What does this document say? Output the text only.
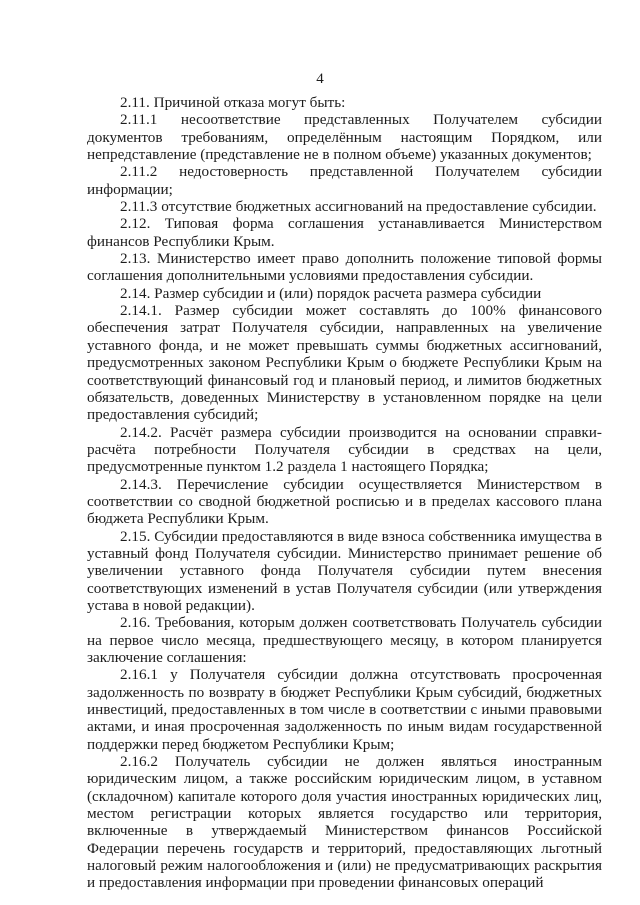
4

2.11. Причиной отказа могут быть:

2.11.1 несоответствие представленных Получателем субсидии документов требованиям, определённым настоящим Порядком, или непредставление (представление не в полном объеме) указанных документов;

2.11.2 недостоверность представленной Получателем субсидии информации;

2.11.3 отсутствие бюджетных ассигнований на предоставление субсидии.

2.12. Типовая форма соглашения устанавливается Министерством финансов Республики Крым.

2.13. Министерство имеет право дополнить положение типовой формы соглашения дополнительными условиями предоставления субсидии.

2.14. Размер субсидии и (или) порядок расчета размера субсидии

2.14.1. Размер субсидии может составлять до 100% финансового обеспечения затрат Получателя субсидии, направленных на увеличение уставного фонда, и не может превышать суммы бюджетных ассигнований, предусмотренных законом Республики Крым о бюджете Республики Крым на соответствующий финансовый год и плановый период, и лимитов бюджетных обязательств, доведенных Министерству в установленном порядке на цели предоставления субсидий;

2.14.2. Расчёт размера субсидии производится на основании справки-расчёта потребности Получателя субсидии в средствах на цели, предусмотренные пунктом 1.2 раздела 1 настоящего Порядка;

2.14.3. Перечисление субсидии осуществляется Министерством в соответствии со сводной бюджетной росписью и в пределах кассового плана бюджета Республики Крым.

2.15. Субсидии предоставляются в виде взноса собственника имущества в уставный фонд Получателя субсидии. Министерство принимает решение об увеличении уставного фонда Получателя субсидии путем внесения соответствующих изменений в устав Получателя субсидии (или утверждения устава в новой редакции).

2.16. Требования, которым должен соответствовать Получатель субсидии на первое число месяца, предшествующего месяцу, в котором планируется заключение соглашения:

2.16.1 у Получателя субсидии должна отсутствовать просроченная задолженность по возврату в бюджет Республики Крым субсидий, бюджетных инвестиций, предоставленных в том числе в соответствии с иными правовыми актами, и иная просроченная задолженность по иным видам государственной поддержки перед бюджетом Республики Крым;

2.16.2 Получатель субсидии не должен являться иностранным юридическим лицом, а также российским юридическим лицом, в уставном (складочном) капитале которого доля участия иностранных юридических лиц, местом регистрации которых является государство или территория, включенные в утверждаемый Министерством финансов Российской Федерации перечень государств и территорий, предоставляющих льготный налоговый режим налогообложения и (или) не предусматривающих раскрытия и предоставления информации при проведении финансовых операций
